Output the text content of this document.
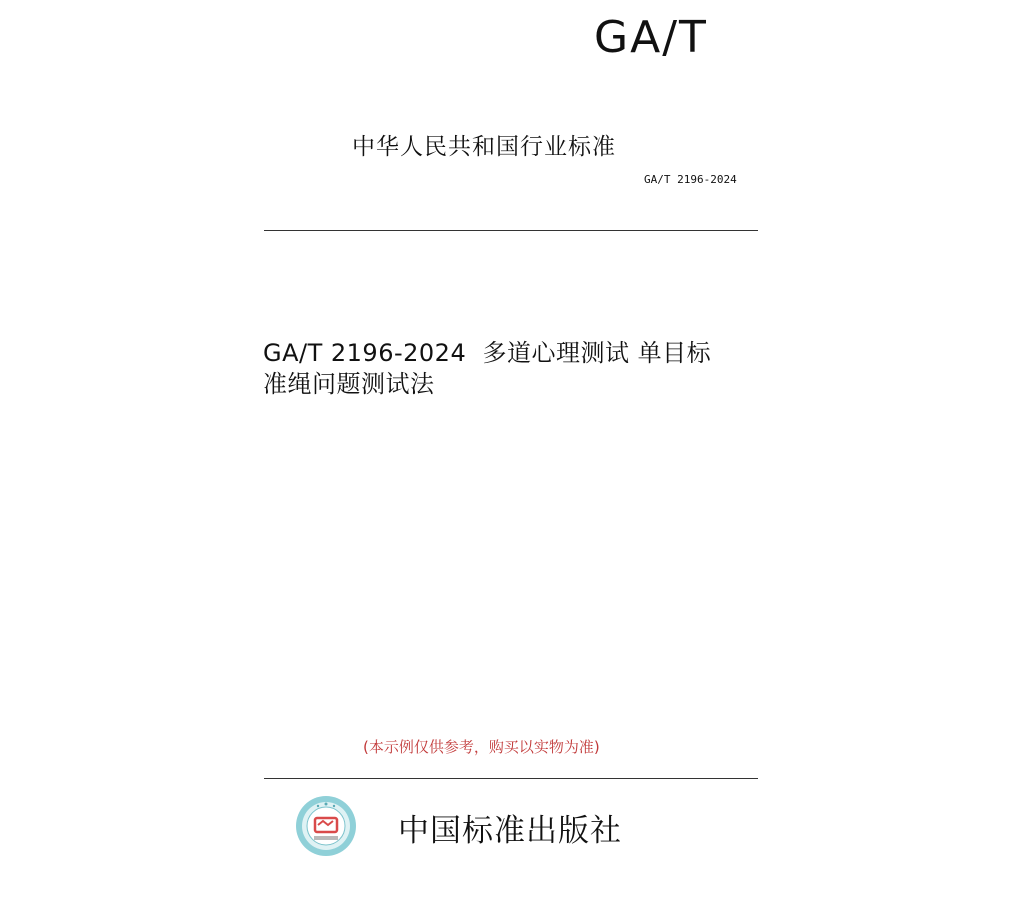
GA/T
中华人民共和国行业标准
GA/T 2196-2024
GA/T 2196-2024  多道心理测试 单目标
准绳问题测试法
(本示例仅供参考，购买以实物为准)
中国标准出版社
